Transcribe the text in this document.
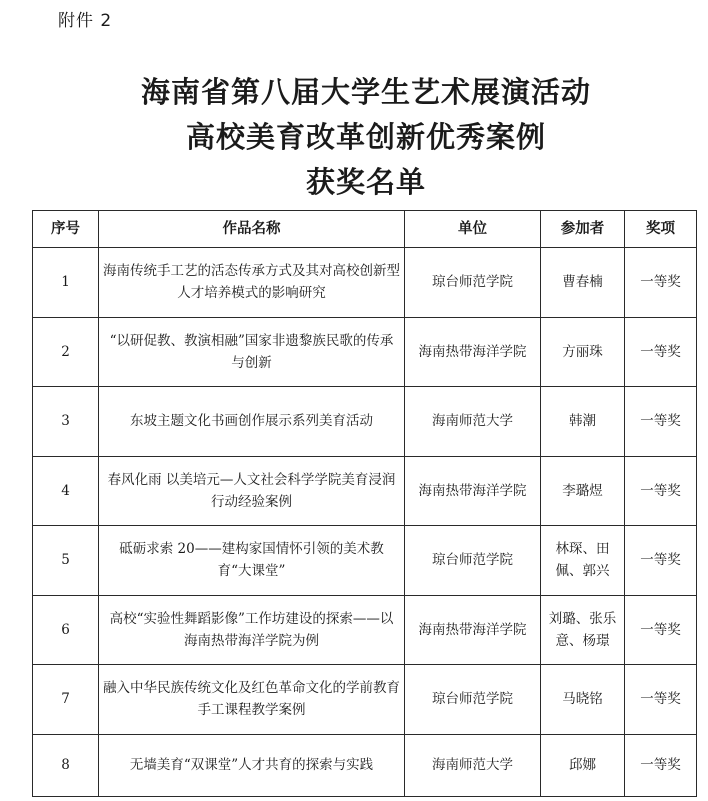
附件 2
海南省第八届大学生艺术展演活动
高校美育改革创新优秀案例
获奖名单
序号	作品名称	单位	参加者	奖项
1	海南传统手工艺的活态传承方式及其对高校创新型人才培养模式的影响研究	琼台师范学院	曹春楠	一等奖
2	“以研促教、教演相融”国家非遗黎族民歌的传承与创新	海南热带海洋学院	方丽珠	一等奖
3	东坡主题文化书画创作展示系列美育活动	海南师范大学	韩潮	一等奖
4	春风化雨 以美培元—人文社会科学学院美育浸润行动经验案例	海南热带海洋学院	李璐煜	一等奖
5	砥砺求索 20——建构家国情怀引领的美术教育“大课堂”	琼台师范学院	林琛、田佩、郭兴	一等奖
6	高校“实验性舞蹈影像”工作坊建设的探索——以海南热带海洋学院为例	海南热带海洋学院	刘璐、张乐意、杨璟	一等奖
7	融入中华民族传统文化及红色革命文化的学前教育手工课程教学案例	琼台师范学院	马晓铭	一等奖
8	无墙美育“双课堂”人才共育的探索与实践	海南师范大学	邱娜	一等奖
